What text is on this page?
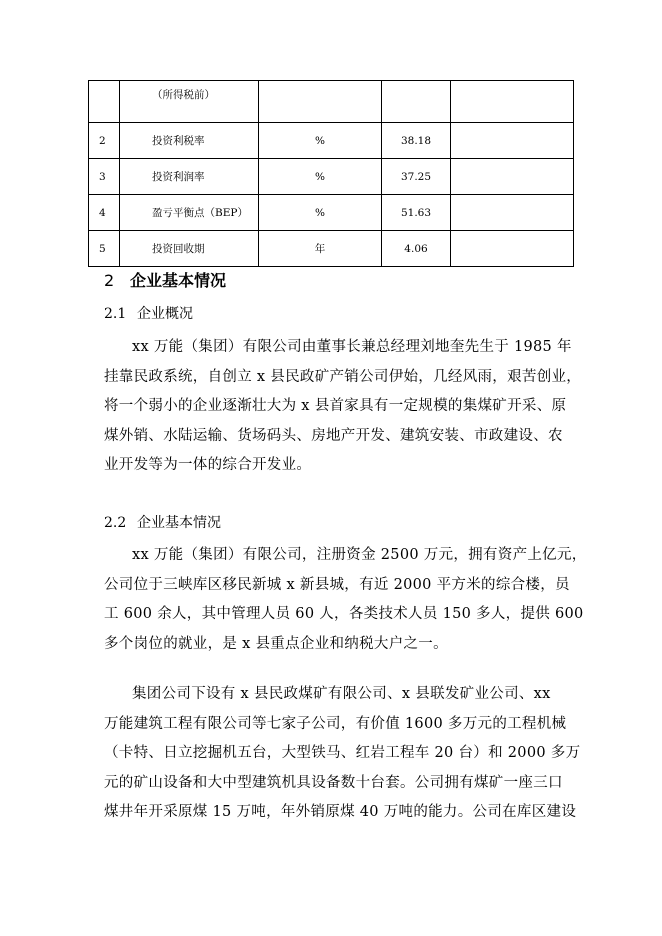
	（所得税前）			
2	投资利税率	%	38.18	
3	投资利润率	%	37.25	
4	盈亏平衡点（BEP）	%	51.63	
5	投资回收期	年	4.06	
2 企业基本情况
2.1 企业概况
xx 万能（集团）有限公司由董事长兼总经理刘地奎先生于 1985 年
挂靠民政系统，自创立 x 县民政矿产销公司伊始，几经风雨，艰苦创业，
将一个弱小的企业逐渐壮大为 x 县首家具有一定规模的集煤矿开采、原
煤外销、水陆运输、货场码头、房地产开发、建筑安装、市政建设、农
业开发等为一体的综合开发业。
2.2 企业基本情况
xx 万能（集团）有限公司，注册资金 2500 万元，拥有资产上亿元，
公司位于三峡库区移民新城 x 新县城，有近 2000 平方米的综合楼，员
工 600 余人，其中管理人员 60 人，各类技术人员 150 多人，提供 600
多个岗位的就业，是 x 县重点企业和纳税大户之一。
集团公司下设有 x 县民政煤矿有限公司、x 县联发矿业公司、xx
万能建筑工程有限公司等七家子公司，有价值 1600 多万元的工程机械
（卡特、日立挖掘机五台，大型铁马、红岩工程车 20 台）和 2000 多万
元的矿山设备和大中型建筑机具设备数十台套。公司拥有煤矿一座三口
煤井年开采原煤 15 万吨，年外销原煤 40 万吨的能力。公司在库区建设
